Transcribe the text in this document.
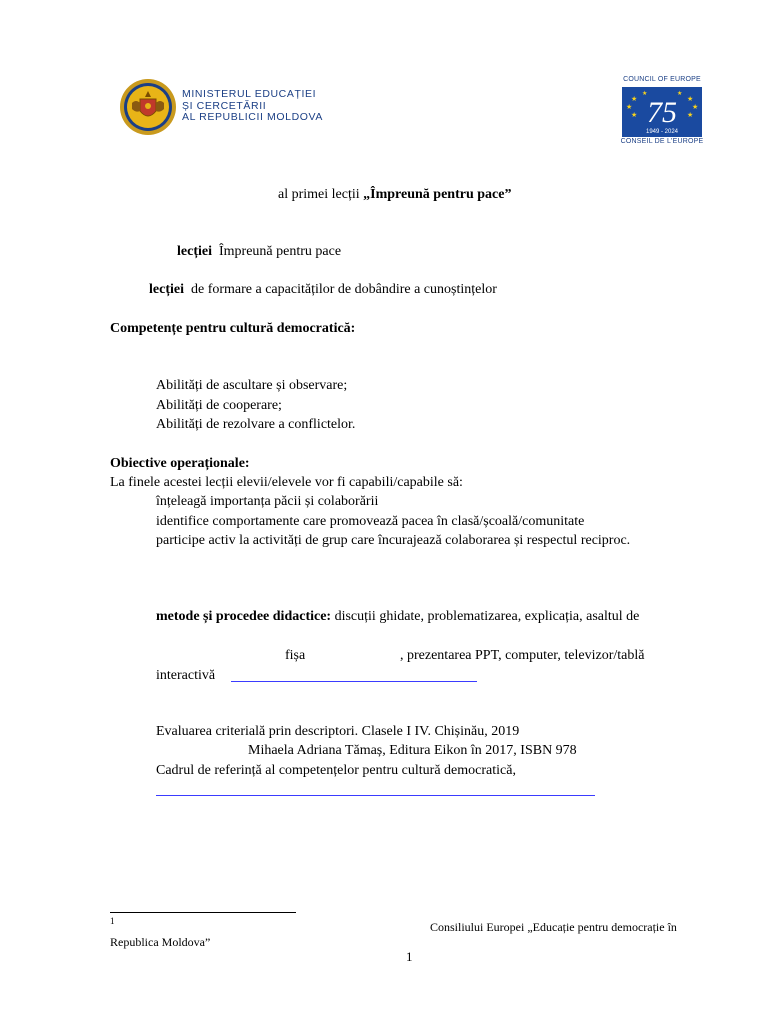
MINISTERUL EDUCAȚIEI
ȘI CERCETĂRII
AL REPUBLICII MOLDOVA
COUNCIL OF EUROPE
★
★
★
★
★
★
★	★
75
1949 - 2024
CONSEIL DE L'EUROPE
al primei lecții „Împreună pentru pace”
lecției Împreună pentru pace
lecției de formare a capacităților de dobândire a cunoștințelor
Competențe pentru cultură democratică:
Abilități de ascultare și observare;
Abilități de cooperare;
Abilități de rezolvare a conflictelor.
Obiective operaționale:
La finele acestei lecții elevii/elevele vor fi capabili/capabile să:
înțeleagă importanța păcii și colaborării
identifice comportamente care promovează pacea în clasă/școală/comunitate
participe activ la activități de grup care încurajează colaborarea și respectul reciproc.
metode și procedee didactice: discuții ghidate, problematizarea, explicația, asaltul de
fișa	, prezentarea PPT, computer, televizor/tablă
interactivă
Evaluarea criterială prin descriptori. Clasele I IV. Chișinău, 2019
Mihaela Adriana Tămaș, Editura Eikon în 2017, ISBN 978
Cadrul de referință al competențelor pentru cultură democratică,
1	Consiliului Europei „Educație pentru democrație în
Republica Moldova”
1
